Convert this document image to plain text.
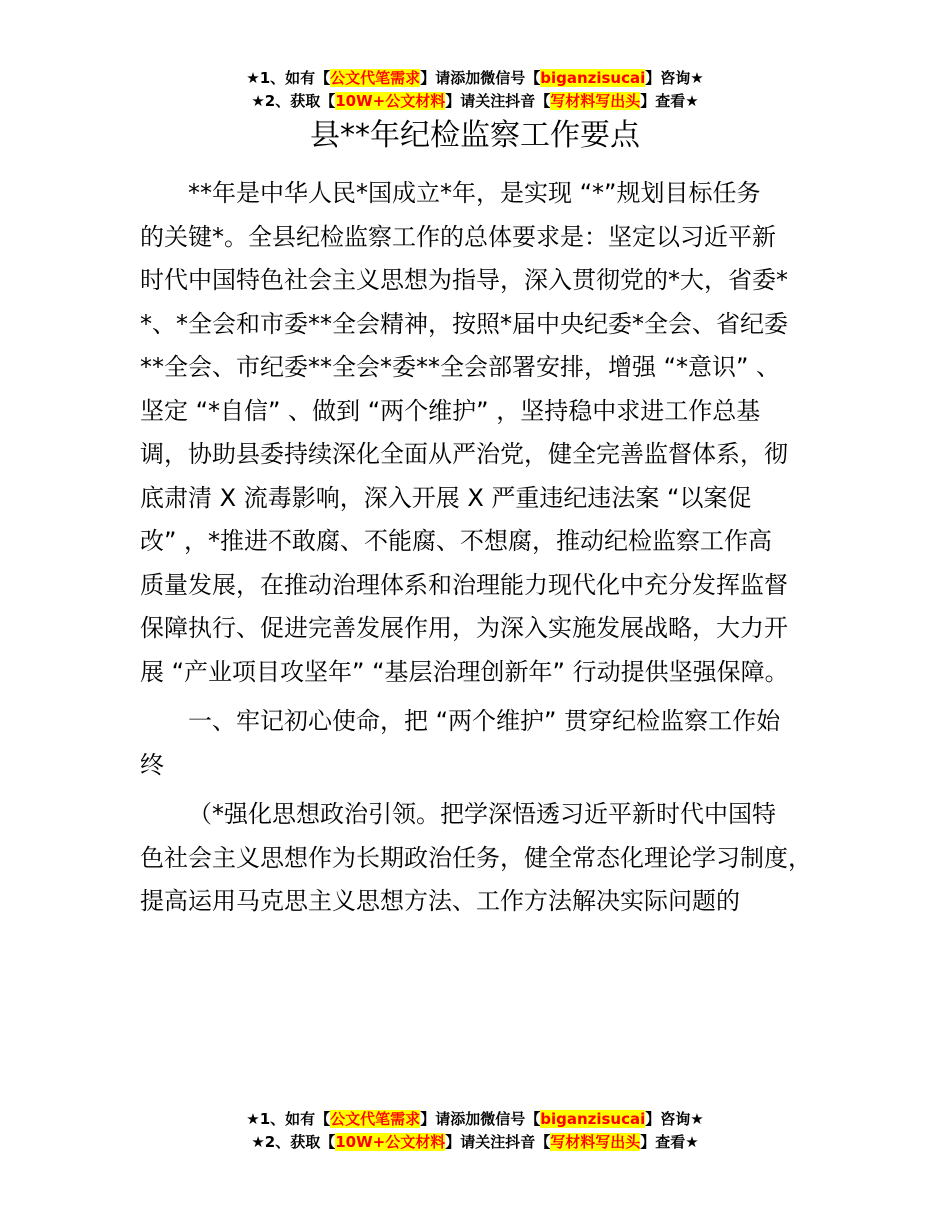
★1、如有【公文代笔需求】请添加微信号【biganzisucai】咨询★
★2、获取【10W+公文材料】请关注抖音【写材料写出头】查看★
县**年纪检监察工作要点
**年是中华人民*国成立*年，是实现 “*”规划目标任务
的关键*。全县纪检监察工作的总体要求是：坚定以习近平新
时代中国特色社会主义思想为指导，深入贯彻党的*大，省委*
*、*全会和市委**全会精神，按照*届中央纪委*全会、省纪委
**全会、市纪委**全会*委**全会部署安排，增强 “*意识” 、
坚定 “*自信” 、做到 “两个维护” ，坚持稳中求进工作总基
调，协助县委持续深化全面从严治党，健全完善监督体系，彻
底肃清 X 流毒影响，深入开展 X 严重违纪违法案 “以案促
改” ，*推进不敢腐、不能腐、不想腐，推动纪检监察工作高
质量发展，在推动治理体系和治理能力现代化中充分发挥监督
保障执行、促进完善发展作用，为深入实施发展战略，大力开
展 “产业项目攻坚年” “基层治理创新年” 行动提供坚强保障。
一、牢记初心使命，把 “两个维护” 贯穿纪检监察工作始
终
（*强化思想政治引领。把学深悟透习近平新时代中国特
色社会主义思想作为长期政治任务，健全常态化理论学习制度，
提高运用马克思主义思想方法、工作方法解决实际问题的
★1、如有【公文代笔需求】请添加微信号【biganzisucai】咨询★
★2、获取【10W+公文材料】请关注抖音【写材料写出头】查看★
